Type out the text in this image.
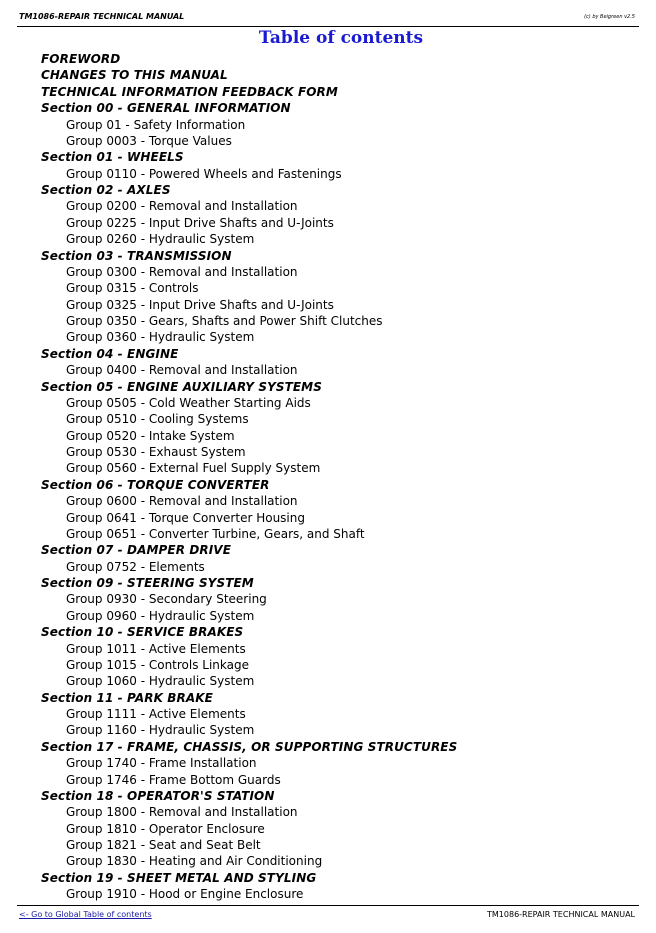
TM1086-REPAIR TECHNICAL MANUAL	(c) by Beigreen v2.5
Table of contents
FOREWORD
CHANGES TO THIS MANUAL
TECHNICAL INFORMATION FEEDBACK FORM
Section 00 - GENERAL INFORMATION
Group 01 - Safety Information
Group 0003 - Torque Values
Section 01 - WHEELS
Group 0110 - Powered Wheels and Fastenings
Section 02 - AXLES
Group 0200 - Removal and Installation
Group 0225 - Input Drive Shafts and U-Joints
Group 0260 - Hydraulic System
Section 03 - TRANSMISSION
Group 0300 - Removal and Installation
Group 0315 - Controls
Group 0325 - Input Drive Shafts and U-Joints
Group 0350 - Gears, Shafts and Power Shift Clutches
Group 0360 - Hydraulic System
Section 04 - ENGINE
Group 0400 - Removal and Installation
Section 05 - ENGINE AUXILIARY SYSTEMS
Group 0505 - Cold Weather Starting Aids
Group 0510 - Cooling Systems
Group 0520 - Intake System
Group 0530 - Exhaust System
Group 0560 - External Fuel Supply System
Section 06 - TORQUE CONVERTER
Group 0600 - Removal and Installation
Group 0641 - Torque Converter Housing
Group 0651 - Converter Turbine, Gears, and Shaft
Section 07 - DAMPER DRIVE
Group 0752 - Elements
Section 09 - STEERING SYSTEM
Group 0930 - Secondary Steering
Group 0960 - Hydraulic System
Section 10 - SERVICE BRAKES
Group 1011 - Active Elements
Group 1015 - Controls Linkage
Group 1060 - Hydraulic System
Section 11 - PARK BRAKE
Group 1111 - Active Elements
Group 1160 - Hydraulic System
Section 17 - FRAME, CHASSIS, OR SUPPORTING STRUCTURES
Group 1740 - Frame Installation
Group 1746 - Frame Bottom Guards
Section 18 - OPERATOR'S STATION
Group 1800 - Removal and Installation
Group 1810 - Operator Enclosure
Group 1821 - Seat and Seat Belt
Group 1830 - Heating and Air Conditioning
Section 19 - SHEET METAL AND STYLING
Group 1910 - Hood or Engine Enclosure
<- Go to Global Table of contents	TM1086-REPAIR TECHNICAL MANUAL
